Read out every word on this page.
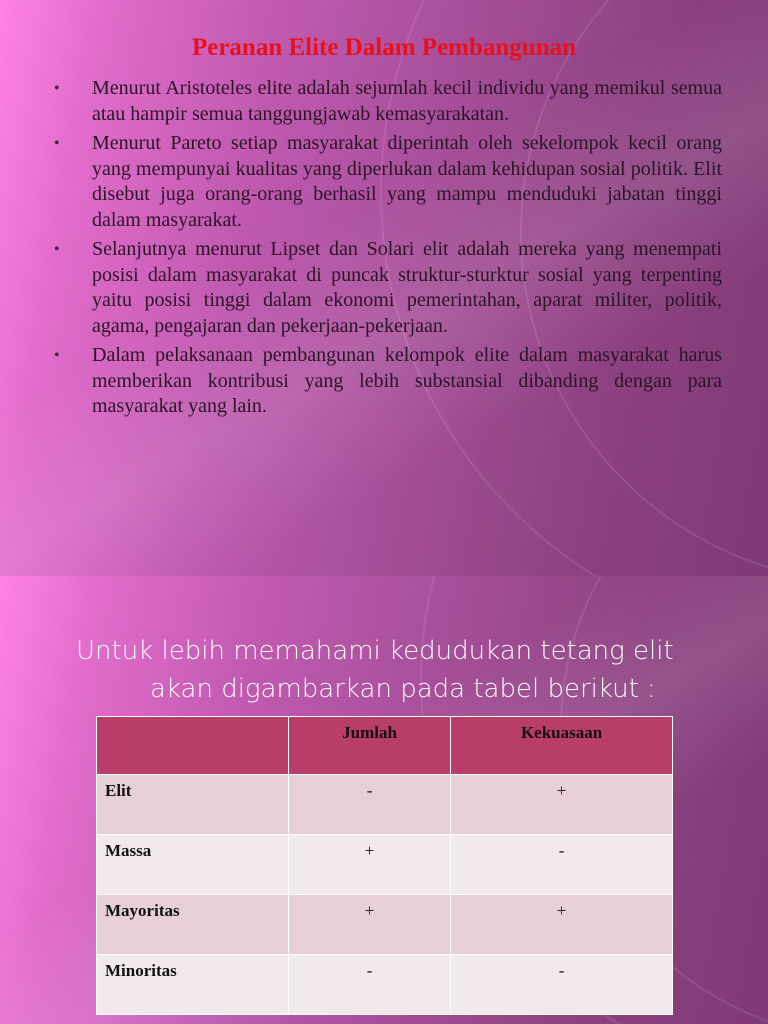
Peranan Elite Dalam Pembangunan
• Menurut Aristoteles elite adalah sejumlah kecil individu yang memikul semua atau hampir semua tanggungjawab kemasyarakatan.
• Menurut Pareto setiap masyarakat diperintah oleh sekelompok kecil orang yang mempunyai kualitas yang diperlukan dalam kehidupan sosial politik. Elit disebut juga orang-orang berhasil yang mampu menduduki jabatan tinggi dalam masyarakat.
• Selanjutnya menurut Lipset dan Solari elit adalah mereka yang menempati posisi dalam masyarakat di puncak struktur-sturktur sosial yang terpenting yaitu posisi tinggi dalam ekonomi pemerintahan, aparat militer, politik, agama, pengajaran dan pekerjaan-pekerjaan.
• Dalam pelaksanaan pembangunan kelompok elite dalam masyarakat harus memberikan kontribusi yang lebih substansial dibanding dengan para masyarakat yang lain.
Untuk lebih memahami kedudukan tetang elit
akan digambarkan pada tabel berikut :
	Jumlah	Kekuasaan
Elit	-	+
Massa	+	-
Mayoritas	+	+
Minoritas	-	-
